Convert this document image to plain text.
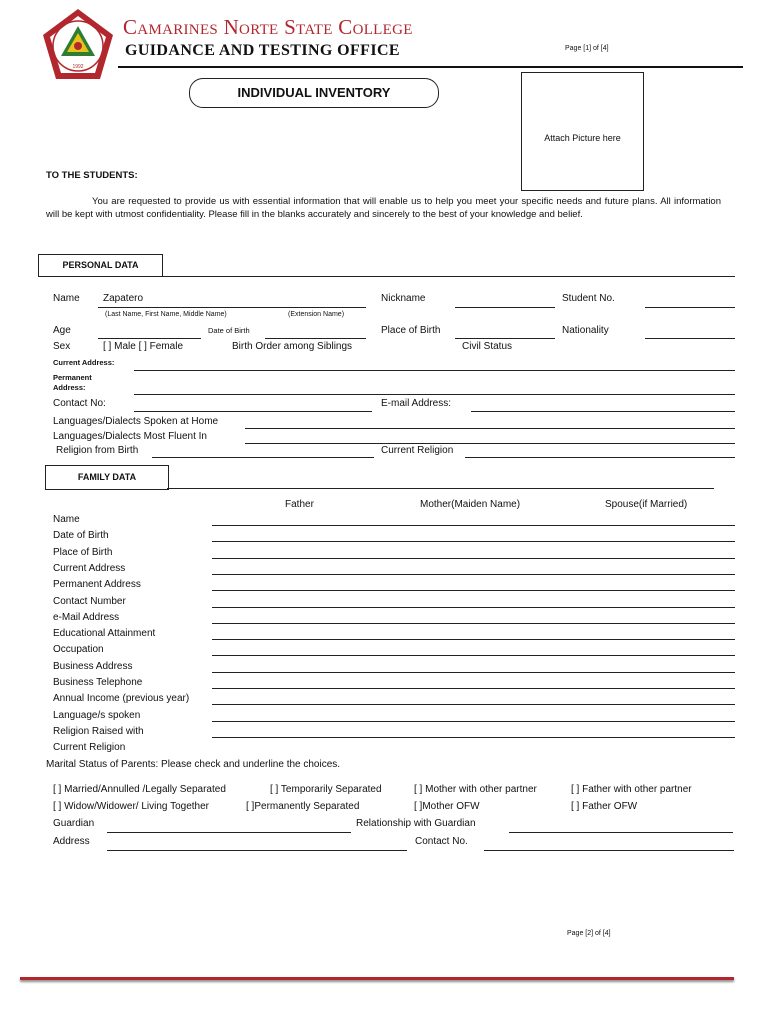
1992
Camarines Norte State College
GUIDANCE AND TESTING OFFICE	Page [1] of [4]
INDIVIDUAL INVENTORY
Attach Picture here
TO THE STUDENTS:
You are requested to provide us with essential information that will enable us to help you meet your specific needs and future plans. All information will be kept with utmost confidentiality. Please fill in the blanks accurately and sincerely to the best of your knowledge and belief.
PERSONAL DATA
Name Zapatero
(Last Name, First Name, Middle Name)	(Extension Name)
Nickname	Student No.
Age	Date of Birth	Place of Birth	Nationality
Sex	[ ] Male [ ] Female	Birth Order among Siblings	Civil Status
Current Address:
Permanent
Address:
Contact No:	E-mail Address:
Languages/Dialects Spoken at Home
Languages/Dialects Most Fluent In
Religion from Birth	Current Religion
FAMILY DATA
Father	Mother(Maiden Name)	Spouse(if Married)
Name
Date of Birth
Place of Birth
Current Address
Permanent Address
Contact Number
e-Mail Address
Educational Attainment
Occupation
Business Address
Business Telephone
Annual Income (previous year)
Language/s spoken
Religion Raised with
Current Religion
Marital Status of Parents: Please check and underline the choices.
[ ] Married/Annulled /Legally Separated	[ ] Temporarily Separated	[ ] Mother with other partner	[ ] Father with other partner
[ ] Widow/Widower/ Living Together	[ ]Permanently Separated	[ ]Mother OFW	[ ] Father OFW
Guardian	Relationship with Guardian
Address	Contact No.
Page [2] of [4]
